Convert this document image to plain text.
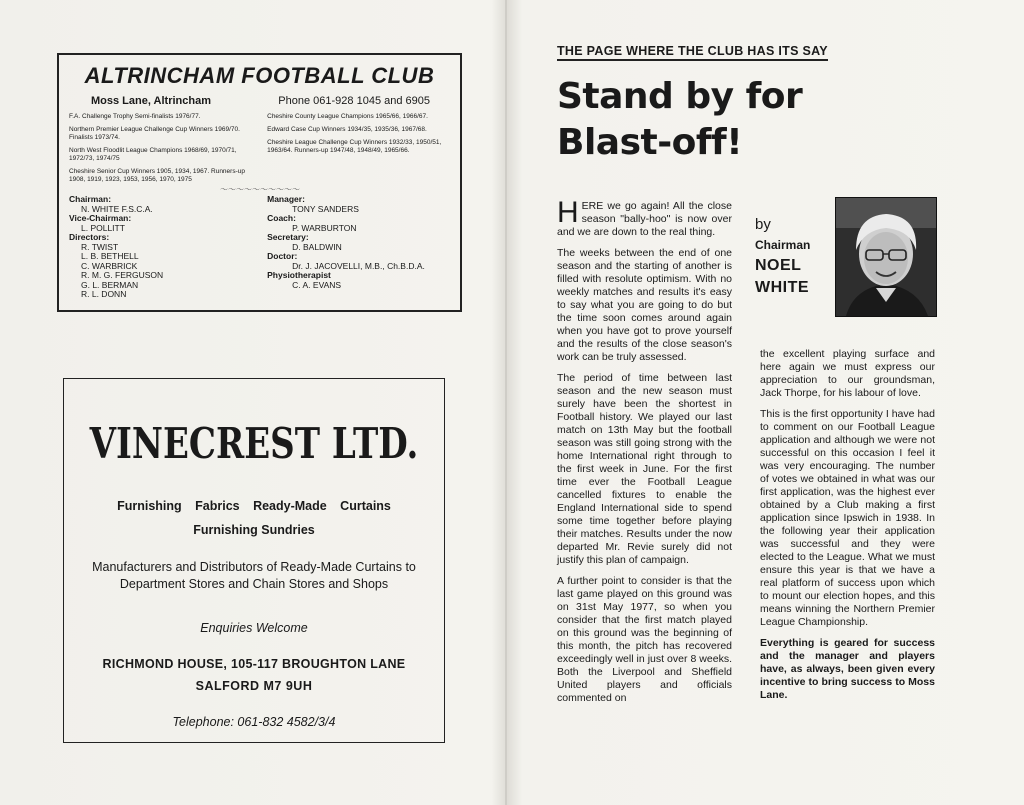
ALTRINCHAM FOOTBALL CLUB
Moss Lane, Altrincham	Phone 061-928 1045 and 6905

F.A. Challenge Trophy Semi-finalists 1976/77.

Northern Premier League Challenge Cup Winners 1969/70. Finalists 1973/74.

North West Floodlit League Champions 1968/69, 1970/71, 1972/73, 1974/75

Cheshire Senior Cup Winners 1905, 1934, 1967. Runners-up 1908, 1919, 1923, 1953, 1956, 1970, 1975

Cheshire County League Champions 1965/66, 1966/67.

Edward Case Cup Winners 1934/35, 1935/36, 1967/68.

Cheshire League Challenge Cup Winners 1932/33, 1950/51, 1963/64. Runners-up 1947/48, 1948/49, 1965/66.

〜〜〜〜〜〜〜〜〜〜
Chairman:
N. WHITE F.S.C.A.
Vice-Chairman:
L. POLLITT
Directors:
R. TWIST
L. B. BETHELL
C. WARBRICK
R. M. G. FERGUSON
G. L. BERMAN
R. L. DONN
Manager:
TONY SANDERS
Coach:
P. WARBURTON
Secretary:
D. BALDWIN
Doctor:
Dr. J. JACOVELLI, M.B., Ch.B.D.A.
Physiotherapist
C. A. EVANS
VINECREST LTD.
Furnishing Fabrics Ready-Made Curtains
Furnishing Sundries
Manufacturers and Distributors of Ready-Made Curtains to Department Stores and Chain Stores and Shops
Enquiries Welcome
RICHMOND HOUSE, 105-117 BROUGHTON LANE
SALFORD M7 9UH
Telephone: 061-832 4582/3/4
THE PAGE WHERE THE CLUB HAS ITS SAY
Stand by for
Blast-off!
by
Chairman
NOEL
WHITE

HERE we go again! All the close season "bally-hoo" is now over and we are down to the real thing.

The weeks between the end of one season and the starting of another is filled with resolute optimism. With no weekly matches and results it's easy to say what you are going to do but the time soon comes around again when you have got to prove yourself and the results of the close season's work can be truly assessed.

The period of time between last season and the new season must surely have been the shortest in Football history. We played our last match on 13th May but the football season was still going strong with the home International right through to the first week in June. For the first time ever the Football League cancelled fixtures to enable the England International side to spend some time together before playing their matches. Results under the now departed Mr. Revie surely did not justify this plan of campaign.

A further point to consider is that the last game played on this ground was on 31st May 1977, so when you consider that the first match played on this ground was the beginning of this month, the pitch has recovered exceedingly well in just over 8 weeks. Both the Liverpool and Sheffield United players and officials commented on

the excellent playing surface and here again we must express our appreciation to our groundsman, Jack Thorpe, for his labour of love.

This is the first opportunity I have had to comment on our Football League application and although we were not successful on this occasion I feel it was very encouraging. The number of votes we obtained in what was our first application, was the highest ever obtained by a Club making a first application since Ipswich in 1938. In the following year their application was successful and they were elected to the League. What we must ensure this year is that we have a real platform of success upon which to mount our election hopes, and this means winning the Northern Premier League Championship.

Everything is geared for success and the manager and players have, as always, been given every incentive to bring success to Moss Lane.
